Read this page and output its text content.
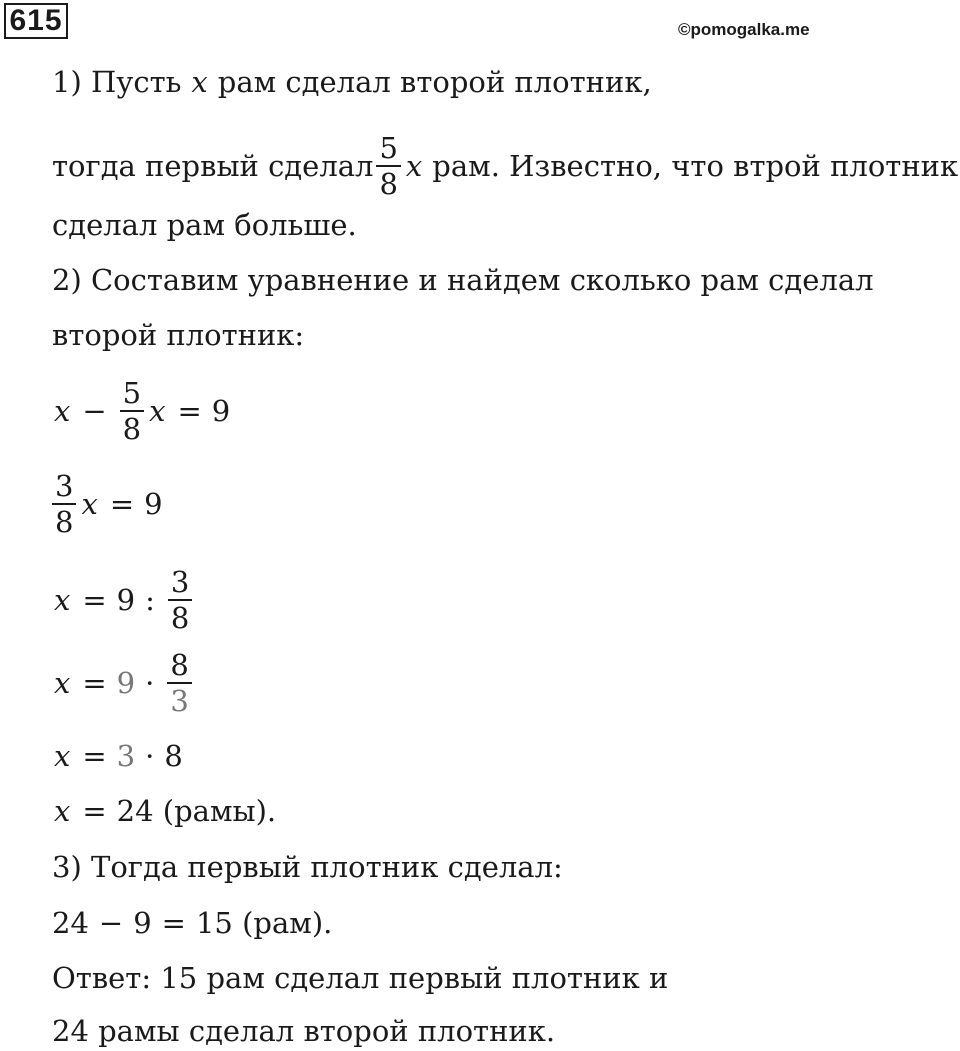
615	©pomogalka.me
1) Пусть x рам сделал второй плотник,
тогда первый сделал $\frac{5}{8}$ x рам. Известно, что втрой плотник
сделал рам больше.
2) Составим уравнение и найдем сколько рам сделал
второй плотник:
$x - \frac{5}{8}$ x = 9
$\frac{3}{8}$ x = 9
x = 9 : $\frac{3}{8}$
$x = 9 \cdot \frac{8}{3}$
x = 3 · 8
x = 24 (рамы).
3) Тогда первый плотник сделал:
24 − 9 = 15 (рам).
Ответ: 15 рам сделал первый плотник и
24 рамы сделал второй плотник.
